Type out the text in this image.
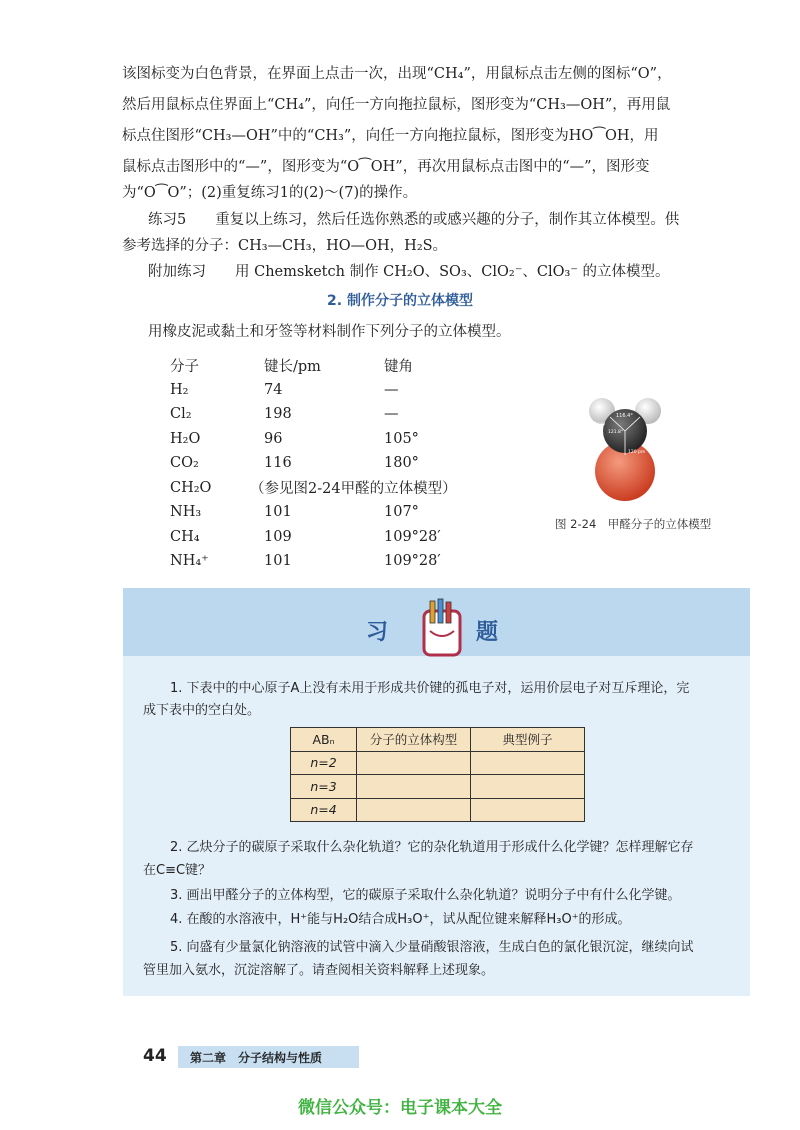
该图标变为白色背景，在界面上点击一次，出现“CH₄”，用鼠标点击左侧的图标“O”，

然后用鼠标点住界面上“CH₄”，向任一方向拖拉鼠标，图形变为“CH₃—OH”，再用鼠

标点住图形“CH₃—OH”中的“CH₃”，向任一方向拖拉鼠标，图形变为HO⁀OH，用

鼠标点击图形中的“—”，图形变为“O⁀OH”，再次用鼠标点击图中的“—”，图形变

为“O⁀O”；(2)重复练习1的(2)～(7)的操作。

练习5　　重复以上练习，然后任选你熟悉的或感兴趣的分子，制作其立体模型。供

参考选择的分子：CH₃—CH₃，HO—OH，H₂S。

附加练习　　用 Chemsketch 制作 CH₂O、SO₃、ClO₂⁻、ClO₃⁻ 的立体模型。

2. 制作分子的立体模型

用橡皮泥或黏土和牙签等材料制作下列分子的立体模型。

分子	键长/pm	键角
H₂	74	—
Cl₂	198	—
H₂O	96	105°
CO₂	116	180°
CH₂O	（参见图2-24甲醛的立体模型）	
NH₃	101	107°
CH₄	109	109°28′
NH₄⁺	101	109°28′
116.4°
110 pm
121.8°
120 pm
图 2-24　甲醛分子的立体模型
习	题

1. 下表中的中心原子A上没有未用于形成共价键的孤电子对，运用价层电子对互斥理论，完

成下表中的空白处。

ABₙ	分子的立体构型	典型例子
n=2		
n=3		
n=4		

2. 乙炔分子的碳原子采取什么杂化轨道？它的杂化轨道用于形成什么化学键？怎样理解它存

在C≡C键？

3. 画出甲醛分子的立体构型，它的碳原子采取什么杂化轨道？说明分子中有什么化学键。

4. 在酸的水溶液中，H⁺能与H₂O结合成H₃O⁺，试从配位键来解释H₃O⁺的形成。

5. 向盛有少量氯化钠溶液的试管中滴入少量硝酸银溶液，生成白色的氯化银沉淀，继续向试

管里加入氨水，沉淀溶解了。请查阅相关资料解释上述现象。

44 第二章　分子结构与性质
微信公众号：电子课本大全
